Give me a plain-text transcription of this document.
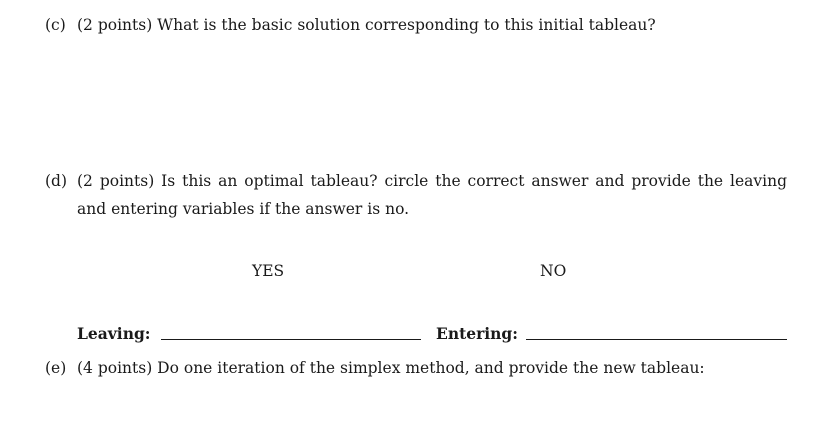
(c) (2 points) What is the basic solution corresponding to this initial tableau?
(d) (2 points) Is this an optimal tableau? circle the correct answer and provide the leaving
and entering variables if the answer is no.
YES	NO
Leaving:	Entering:
(e) (4 points) Do one iteration of the simplex method, and provide the new tableau:
